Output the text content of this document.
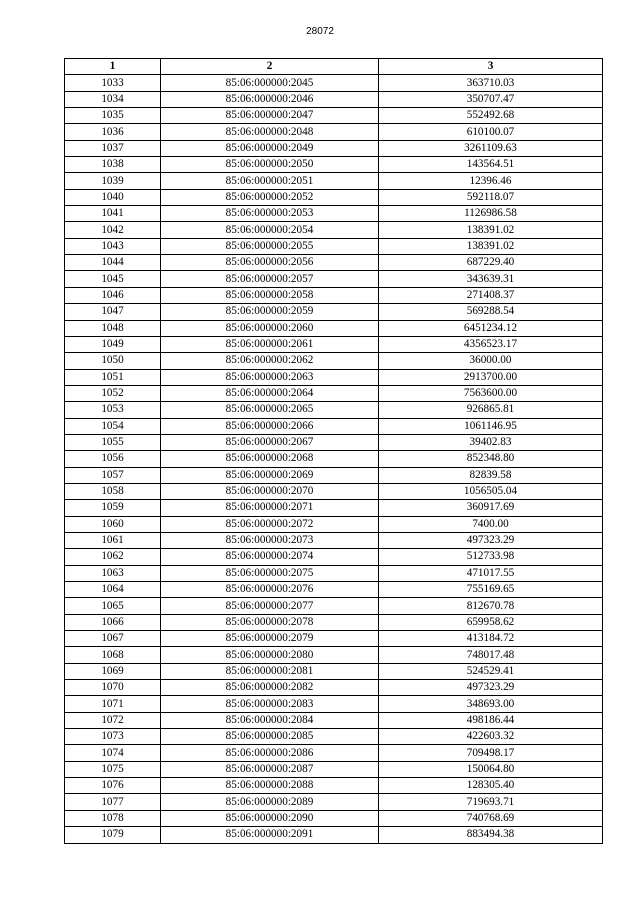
28072
1	2	3
1033	85:06:000000:2045	363710.03
1034	85:06:000000:2046	350707.47
1035	85:06:000000:2047	552492.68
1036	85:06:000000:2048	610100.07
1037	85:06:000000:2049	3261109.63
1038	85:06:000000:2050	143564.51
1039	85:06:000000:2051	12396.46
1040	85:06:000000:2052	592118.07
1041	85:06:000000:2053	1126986.58
1042	85:06:000000:2054	138391.02
1043	85:06:000000:2055	138391.02
1044	85:06:000000:2056	687229.40
1045	85:06:000000:2057	343639.31
1046	85:06:000000:2058	271408.37
1047	85:06:000000:2059	569288.54
1048	85:06:000000:2060	6451234.12
1049	85:06:000000:2061	4356523.17
1050	85:06:000000:2062	36000.00
1051	85:06:000000:2063	2913700.00
1052	85:06:000000:2064	7563600.00
1053	85:06:000000:2065	926865.81
1054	85:06:000000:2066	1061146.95
1055	85:06:000000:2067	39402.83
1056	85:06:000000:2068	852348.80
1057	85:06:000000:2069	82839.58
1058	85:06:000000:2070	1056505.04
1059	85:06:000000:2071	360917.69
1060	85:06:000000:2072	7400.00
1061	85:06:000000:2073	497323.29
1062	85:06:000000:2074	512733.98
1063	85:06:000000:2075	471017.55
1064	85:06:000000:2076	755169.65
1065	85:06:000000:2077	812670.78
1066	85:06:000000:2078	659958.62
1067	85:06:000000:2079	413184.72
1068	85:06:000000:2080	748017.48
1069	85:06:000000:2081	524529.41
1070	85:06:000000:2082	497323.29
1071	85:06:000000:2083	348693.00
1072	85:06:000000:2084	498186.44
1073	85:06:000000:2085	422603.32
1074	85:06:000000:2086	709498.17
1075	85:06:000000:2087	150064.80
1076	85:06:000000:2088	128305.40
1077	85:06:000000:2089	719693.71
1078	85:06:000000:2090	740768.69
1079	85:06:000000:2091	883494.38
